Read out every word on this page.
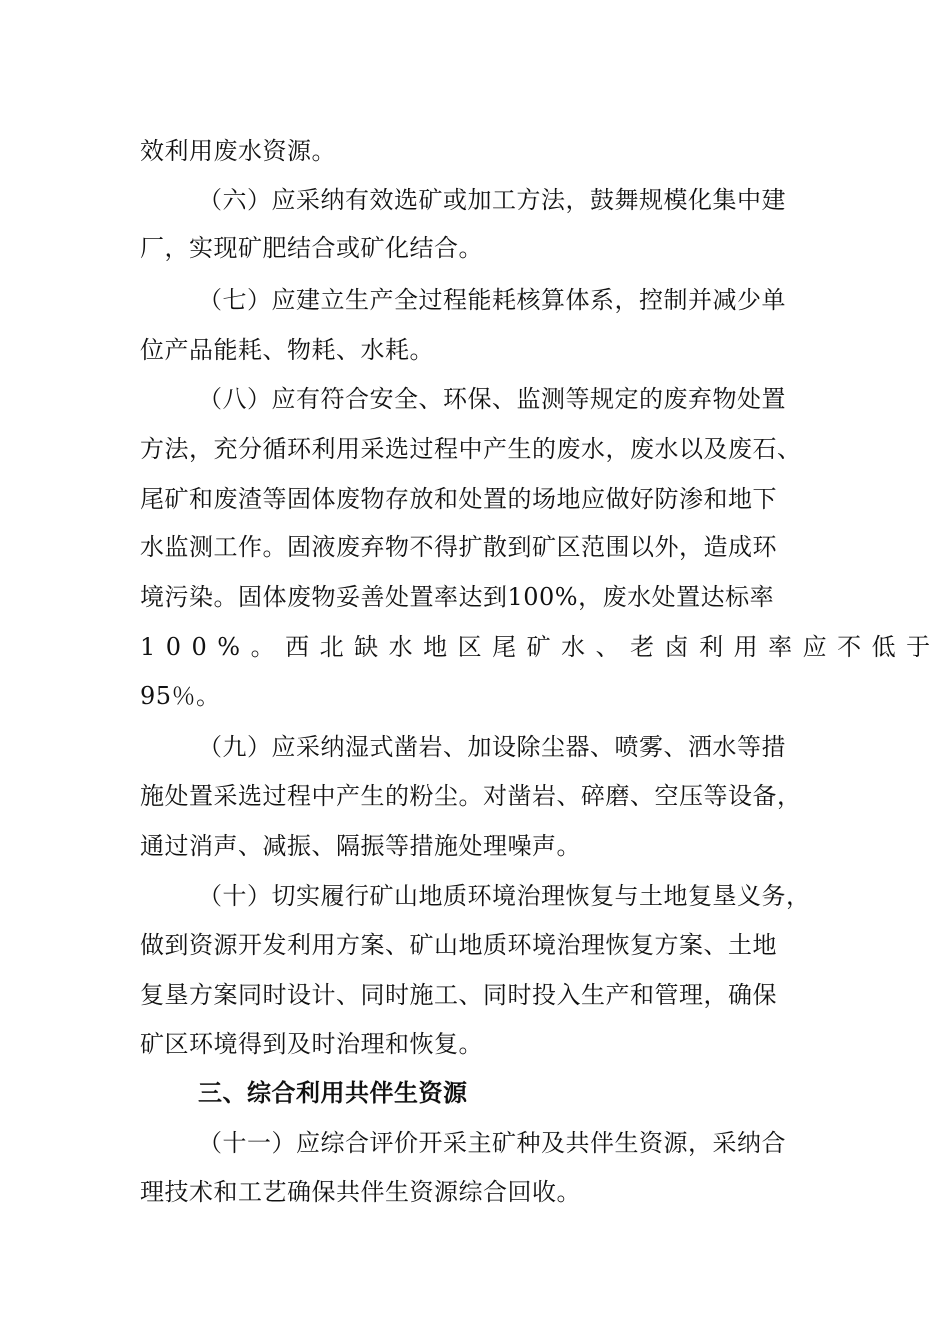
效利用废水资源。
（六）应采纳有效选矿或加工方法，鼓舞规模化集中建
厂，实现矿肥结合或矿化结合。
（七）应建立生产全过程能耗核算体系，控制并减少单
位产品能耗、物耗、水耗。
（八）应有符合安全、环保、监测等规定的废弃物处置
方法，充分循环利用采选过程中产生的废水，废水以及废石、
尾矿和废渣等固体废物存放和处置的场地应做好防渗和地下
水监测工作。固液废弃物不得扩散到矿区范围以外，造成环
境污染。固体废物妥善处置率达到100%，废水处置达标率
100%。西北缺水地区尾矿水、老卤利用率应不低于
95％。
（九）应采纳湿式凿岩、加设除尘器、喷雾、洒水等措
施处置采选过程中产生的粉尘。对凿岩、碎磨、空压等设备，
通过消声、减振、隔振等措施处理噪声。
（十）切实履行矿山地质环境治理恢复与土地复垦义务，
做到资源开发利用方案、矿山地质环境治理恢复方案、土地
复垦方案同时设计、同时施工、同时投入生产和管理，确保
矿区环境得到及时治理和恢复。
三、综合利用共伴生资源
（十一）应综合评价开采主矿种及共伴生资源，采纳合
理技术和工艺确保共伴生资源综合回收。
